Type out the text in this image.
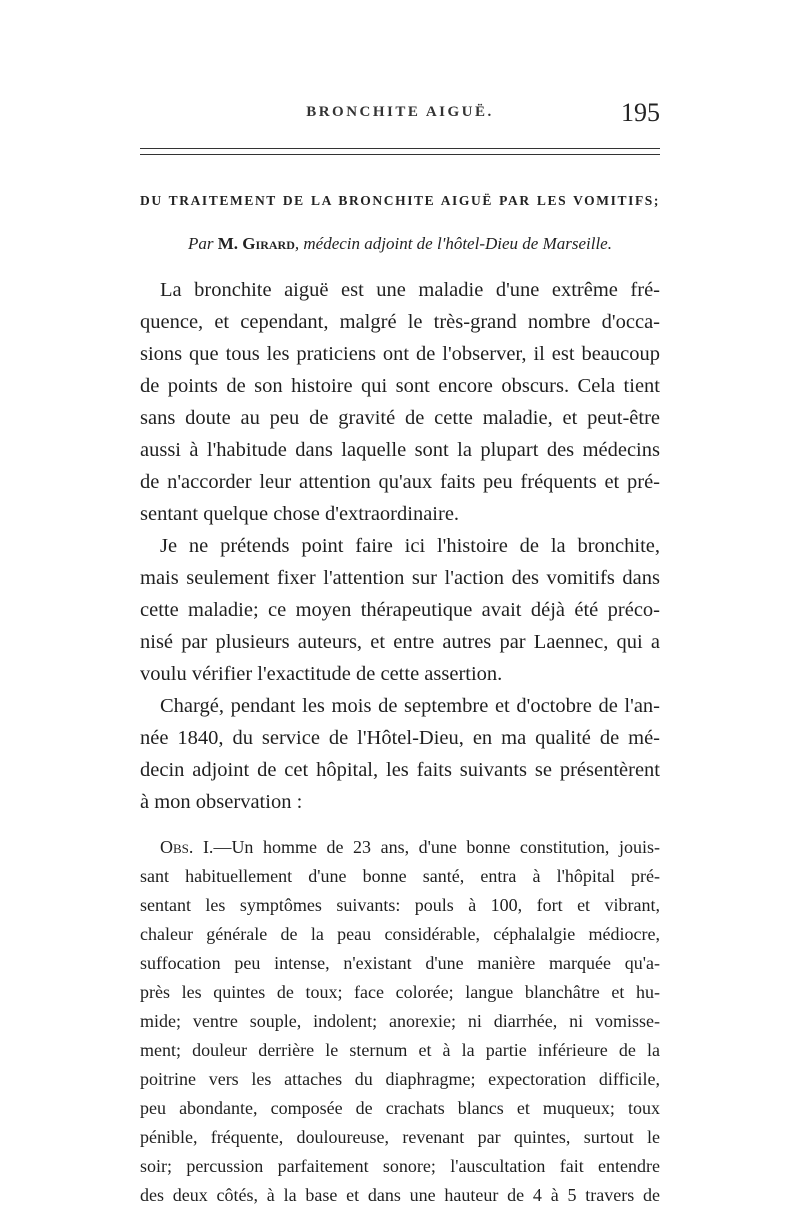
BRONCHITE AIGUË.	195
DU TRAITEMENT DE LA BRONCHITE AIGUË PAR LES VOMITIFS;
Par M. Girard, médecin adjoint de l'hôtel-Dieu de Marseille.
La bronchite aiguë est une maladie d'une extrême fré-
quence, et cependant, malgré le très-grand nombre d'occa-
sions que tous les praticiens ont de l'observer, il est beaucoup
de points de son histoire qui sont encore obscurs. Cela tient
sans doute au peu de gravité de cette maladie, et peut-être
aussi à l'habitude dans laquelle sont la plupart des médecins
de n'accorder leur attention qu'aux faits peu fréquents et pré-
sentant quelque chose d'extraordinaire.
Je ne prétends point faire ici l'histoire de la bronchite,
mais seulement fixer l'attention sur l'action des vomitifs dans
cette maladie; ce moyen thérapeutique avait déjà été préco-
nisé par plusieurs auteurs, et entre autres par Laennec, qui a
voulu vérifier l'exactitude de cette assertion.
Chargé, pendant les mois de septembre et d'octobre de l'an-
née 1840, du service de l'Hôtel-Dieu, en ma qualité de mé-
decin adjoint de cet hôpital, les faits suivants se présentèrent
à mon observation :
Obs. I.—Un homme de 23 ans, d'une bonne constitution, jouis-
sant habituellement d'une bonne santé, entra à l'hôpital pré-
sentant les symptômes suivants: pouls à 100, fort et vibrant,
chaleur générale de la peau considérable, céphalalgie médiocre,
suffocation peu intense, n'existant d'une manière marquée qu'a-
près les quintes de toux; face colorée; langue blanchâtre et hu-
mide; ventre souple, indolent; anorexie; ni diarrhée, ni vomisse-
ment; douleur derrière le sternum et à la partie inférieure de la
poitrine vers les attaches du diaphragme; expectoration difficile,
peu abondante, composée de crachats blancs et muqueux; toux
pénible, fréquente, douloureuse, revenant par quintes, surtout le
soir; percussion parfaitement sonore; l'auscultation fait entendre
des deux côtés, à la base et dans une hauteur de 4 à 5 travers de
